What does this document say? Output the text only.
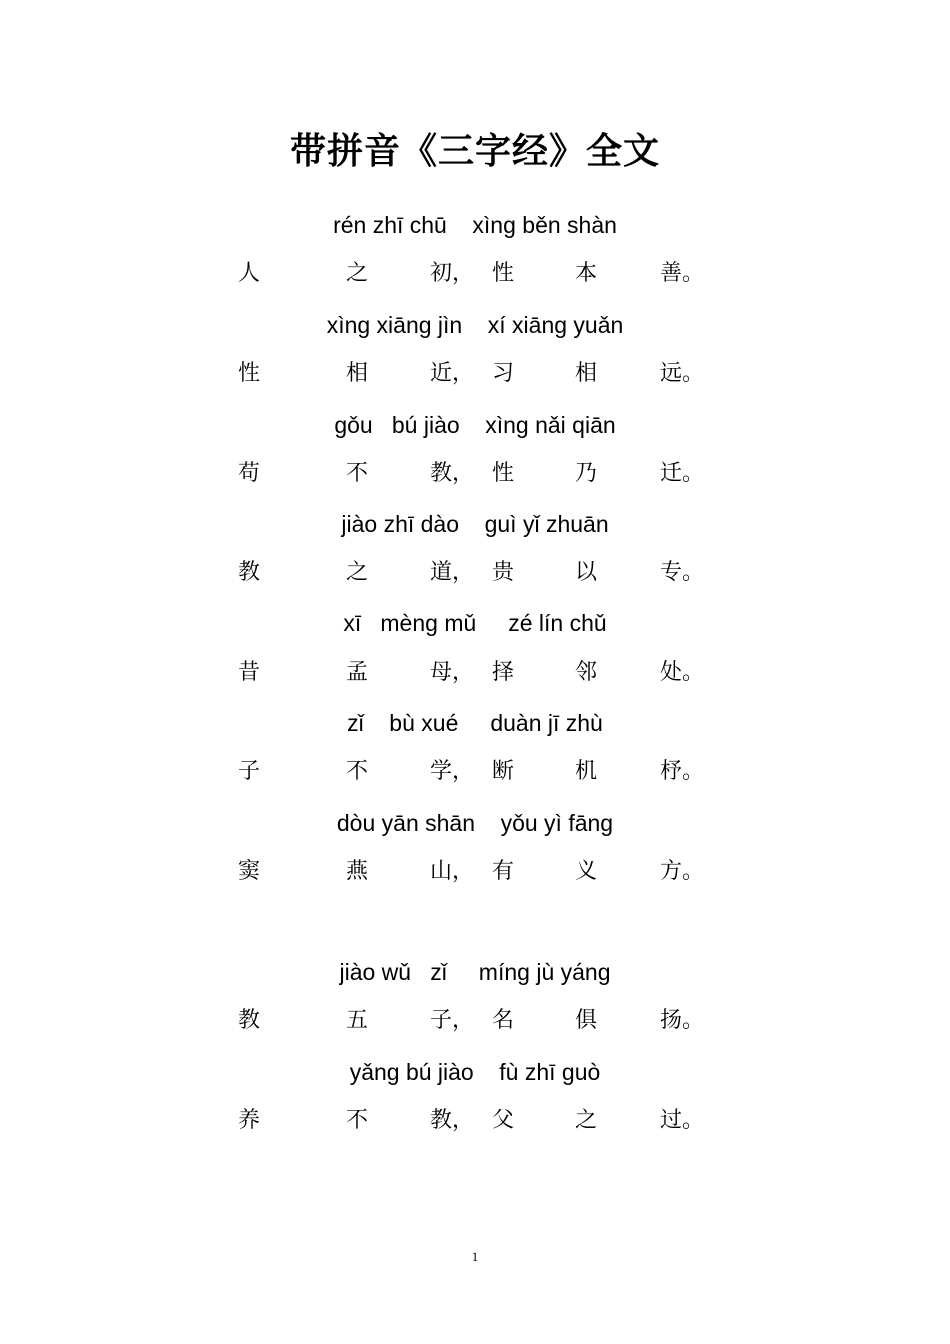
带拼音《三字经》全文
rén zhī chū    xìng běn shàn
人	之	初， 性	本	善。
xìng xiāng jìn    xí xiāng yuǎn
性	相	近， 习	相	远。
gǒu   bú jiào    xìng nǎi qiān
苟	不	教， 性	乃	迁。
jiào zhī dào    guì yǐ zhuān
教	之	道， 贵	以	专。
xī   mèng mǔ     zé lín chǔ
昔	孟	母， 择	邻	处。
zǐ    bù xué     duàn jī zhù
子	不	学， 断	机	杼。
dòu yān shān    yǒu yì fāng
窦	燕	山， 有	义	方。
jiào wǔ   zǐ     míng jù yáng
教	五	子， 名	俱	扬。
yǎng bú jiào    fù zhī guò
养	不	教， 父	之	过。
1
